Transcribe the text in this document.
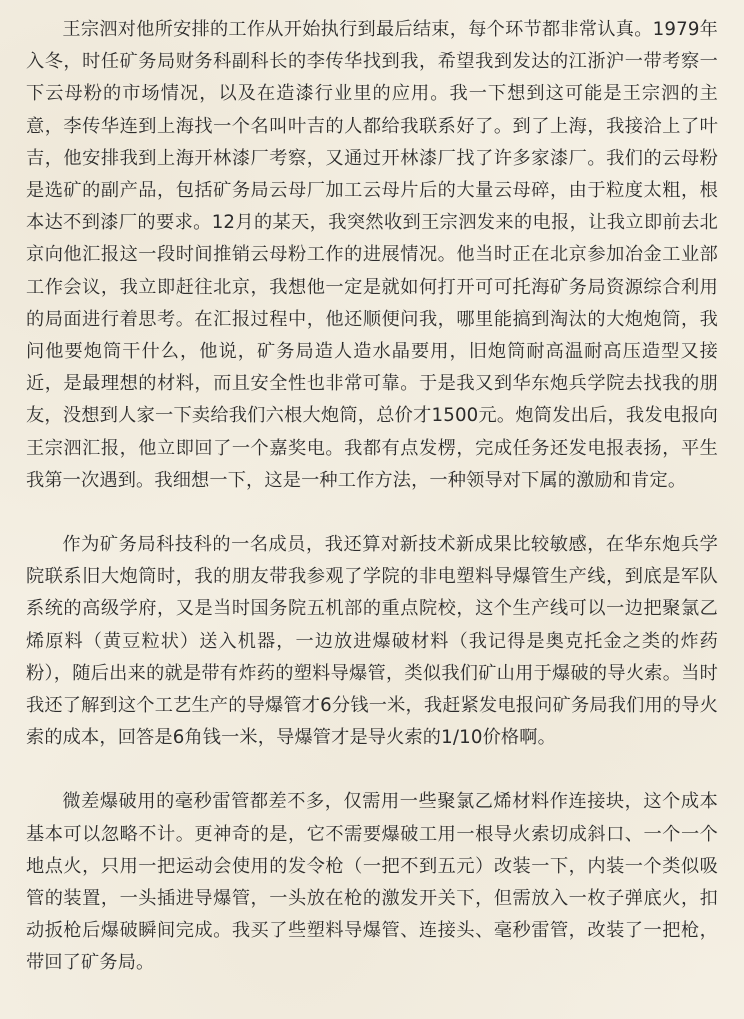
王宗泗对他所安排的工作从开始执行到最后结束，每个环节都非常认真。1979年入冬，时任矿务局财务科副科长的李传华找到我，希望我到发达的江浙沪一带考察一下云母粉的市场情况，以及在造漆行业里的应用。我一下想到这可能是王宗泗的主意，李传华连到上海找一个名叫叶吉的人都给我联系好了。到了上海，我接洽上了叶吉，他安排我到上海开林漆厂考察，又通过开林漆厂找了许多家漆厂。我们的云母粉是选矿的副产品，包括矿务局云母厂加工云母片后的大量云母碎，由于粒度太粗，根本达不到漆厂的要求。12月的某天，我突然收到王宗泗发来的电报，让我立即前去北京向他汇报这一段时间推销云母粉工作的进展情况。他当时正在北京参加冶金工业部工作会议，我立即赶往北京，我想他一定是就如何打开可可托海矿务局资源综合利用的局面进行着思考。在汇报过程中，他还顺便问我，哪里能搞到淘汰的大炮炮筒，我问他要炮筒干什么，他说，矿务局造人造水晶要用，旧炮筒耐高温耐高压造型又接近，是最理想的材料，而且安全性也非常可靠。于是我又到华东炮兵学院去找我的朋友，没想到人家一下卖给我们六根大炮筒，总价才1500元。炮筒发出后，我发电报向王宗泗汇报，他立即回了一个嘉奖电。我都有点发楞，完成任务还发电报表扬，平生我第一次遇到。我细想一下，这是一种工作方法，一种领导对下属的激励和肯定。

作为矿务局科技科的一名成员，我还算对新技术新成果比较敏感，在华东炮兵学院联系旧大炮筒时，我的朋友带我参观了学院的非电塑料导爆管生产线，到底是军队系统的高级学府，又是当时国务院五机部的重点院校，这个生产线可以一边把聚氯乙烯原料（黄豆粒状）送入机器，一边放进爆破材料（我记得是奥克托金之类的炸药粉），随后出来的就是带有炸药的塑料导爆管，类似我们矿山用于爆破的导火索。当时我还了解到这个工艺生产的导爆管才6分钱一米，我赶紧发电报问矿务局我们用的导火索的成本，回答是6角钱一米，导爆管才是导火索的1/10价格啊。

微差爆破用的毫秒雷管都差不多，仅需用一些聚氯乙烯材料作连接块，这个成本基本可以忽略不计。更神奇的是，它不需要爆破工用一根导火索切成斜口、一个一个地点火，只用一把运动会使用的发令枪（一把不到五元）改装一下，内装一个类似吸管的装置，一头插进导爆管，一头放在枪的激发开关下，但需放入一枚子弹底火，扣动扳枪后爆破瞬间完成。我买了些塑料导爆管、连接头、毫秒雷管，改装了一把枪，带回了矿务局。
